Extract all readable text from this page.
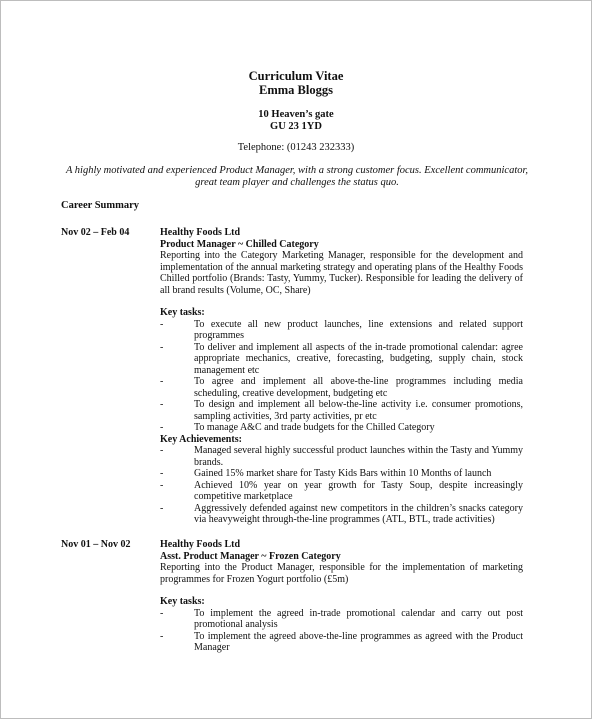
Curriculum Vitae
Emma Bloggs
10 Heaven’s gate
GU 23 1YD
Telephone: (01243 232333)
A highly motivated and experienced Product Manager, with a strong customer focus. Excellent communicator, great team player and challenges the status quo.
Career Summary
Nov 02 – Feb 04	Healthy Foods Ltd
Product Manager ~ Chilled Category
Reporting into the Category Marketing Manager, responsible for the development and implementation of the annual marketing strategy and operating plans of the Healthy Foods Chilled portfolio (Brands: Tasty, Yummy, Tucker). Responsible for leading the delivery of all brand results (Volume, OC, Share)
Key tasks:
-	To execute all new product launches, line extensions and related support programmes
-	To deliver and implement all aspects of the in-trade promotional calendar: agree appropriate mechanics, creative, forecasting, budgeting, supply chain, stock management etc
-	To agree and implement all above-the-line programmes including media scheduling, creative development, budgeting etc
-	To design and implement all below-the-line activity i.e. consumer promotions, sampling activities, 3rd party activities, pr etc
-	To manage A&C and trade budgets for the Chilled Category
Key Achievements:
-	Managed several highly successful product launches within the Tasty and Yummy brands.
-	Gained 15% market share for Tasty Kids Bars within 10 Months of launch
-	Achieved 10% year on year growth for Tasty Soup, despite increasingly competitive marketplace
-	Aggressively defended against new competitors in the children’s snacks category via heavyweight through-the-line programmes (ATL, BTL, trade activities)
Nov 01 – Nov 02	Healthy Foods Ltd
Asst. Product Manager ~ Frozen Category
Reporting into the Product Manager, responsible for the implementation of marketing programmes for Frozen Yogurt portfolio (£5m)
Key tasks:
-	To implement the agreed in-trade promotional calendar and carry out post promotional analysis
-	To implement the agreed above-the-line programmes as agreed with the Product Manager
